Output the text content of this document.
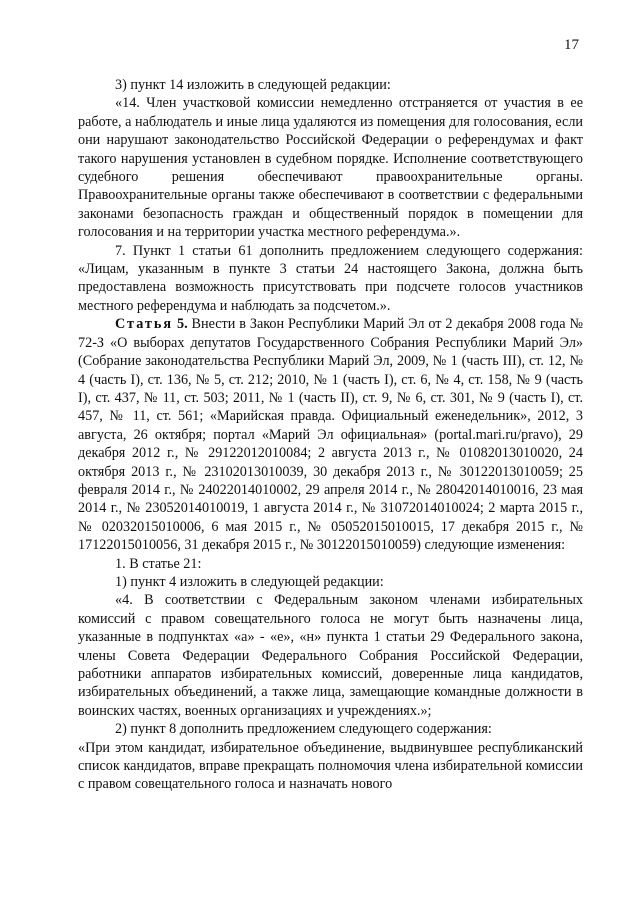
17

3) пункт 14 изложить в следующей редакции:

«14. Член участковой комиссии немедленно отстраняется от участия в ее работе, а наблюдатель и иные лица удаляются из помещения для голосования, если они нарушают законодательство Российской Федерации о референдумах и факт такого нарушения установлен в судебном порядке. Исполнение соответствующего судебного решения обеспечивают правоохранительные органы. Правоохранительные органы также обеспечивают в соответствии с федеральными законами безопасность граждан и общественный порядок в помещении для голосования и на территории участка местного референдума.».

7. Пункт 1 статьи 61 дополнить предложением следующего содержания: «Лицам, указанным в пункте 3 статьи 24 настоящего Закона, должна быть предоставлена возможность присутствовать при подсчете голосов участников местного референдума и наблюдать за подсчетом.».

Статья 5. Внести в Закон Республики Марий Эл от 2 декабря 2008 года № 72-З «О выборах депутатов Государственного Собрания Республики Марий Эл» (Собрание законодательства Республики Марий Эл, 2009, № 1 (часть III), ст. 12, № 4 (часть I), ст. 136, № 5, ст. 212; 2010, № 1 (часть I), ст. 6, № 4, ст. 158, № 9 (часть I), ст. 437, № 11, ст. 503; 2011, № 1 (часть II), ст. 9, № 6, ст. 301, № 9 (часть I), ст. 457, № 11, ст. 561; «Марийская правда. Официальный еженедельник», 2012, 3 августа, 26 октября; портал «Марий Эл официальная» (portal.mari.ru/pravo), 29 декабря 2012 г., № 29122012010084; 2 августа 2013 г., № 01082013010020, 24 октября 2013 г., № 23102013010039, 30 декабря 2013 г., № 30122013010059; 25 февраля 2014 г., № 24022014010002, 29 апреля 2014 г., № 28042014010016, 23 мая 2014 г., № 23052014010019, 1 августа 2014 г., № 31072014010024; 2 марта 2015 г., № 02032015010006, 6 мая 2015 г., № 05052015010015, 17 декабря 2015 г., № 17122015010056, 31 декабря 2015 г., № 30122015010059) следующие изменения:

1. В статье 21:

1) пункт 4 изложить в следующей редакции:

«4. В соответствии с Федеральным законом членами избирательных комиссий с правом совещательного голоса не могут быть назначены лица, указанные в подпунктах «а» - «е», «н» пункта 1 статьи 29 Федерального закона, члены Совета Федерации Федерального Собрания Российской Федерации, работники аппаратов избирательных комиссий, доверенные лица кандидатов, избирательных объединений, а также лица, замещающие командные должности в воинских частях, военных организациях и учреждениях.»;

2) пункт 8 дополнить предложением следующего содержания:

«При этом кандидат, избирательное объединение, выдвинувшее республиканский список кандидатов, вправе прекращать полномочия члена избирательной комиссии с правом совещательного голоса и назначать нового
